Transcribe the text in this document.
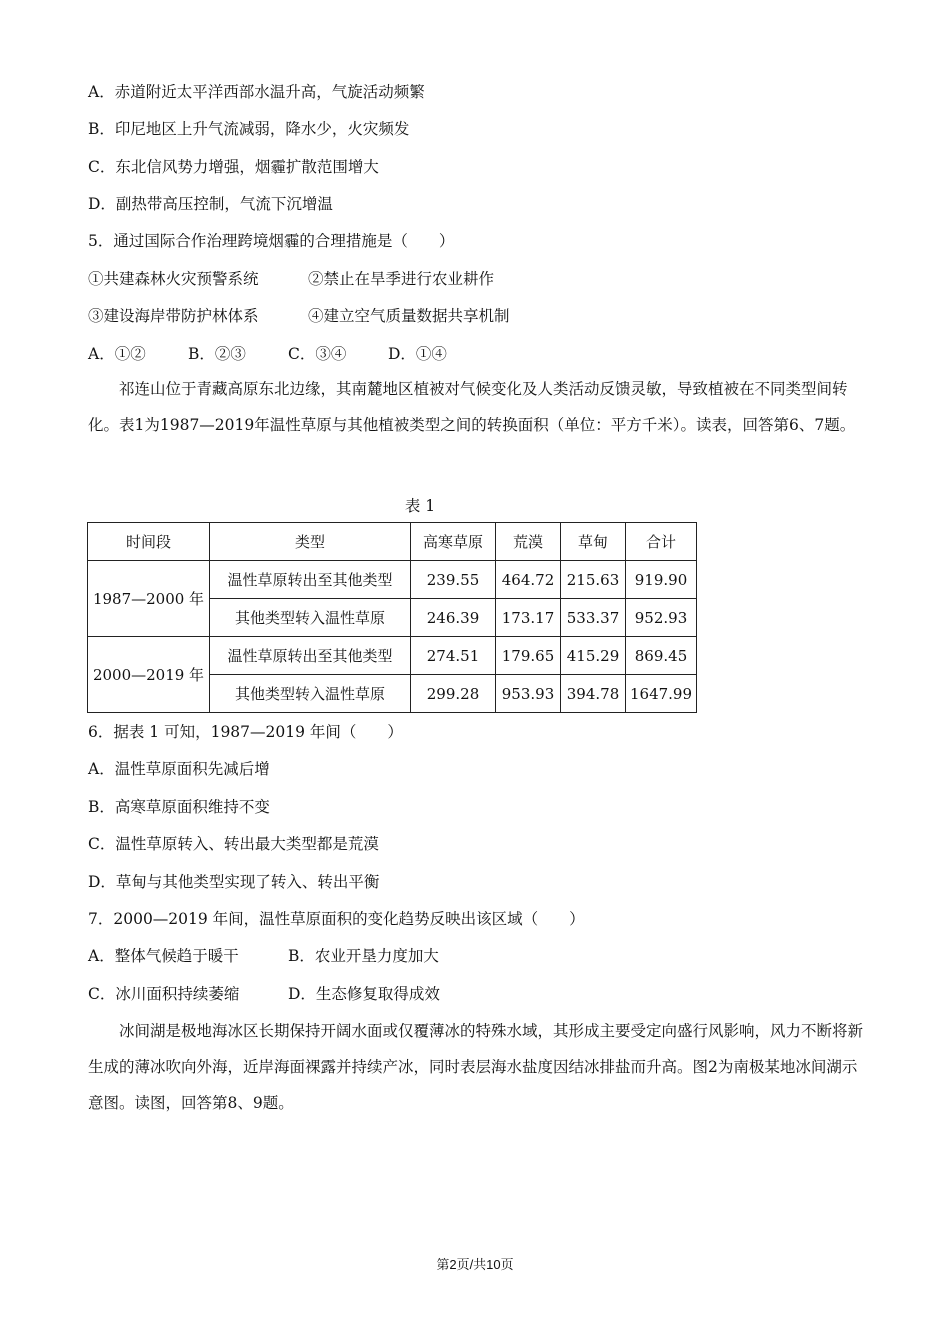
A．赤道附近太平洋西部水温升高，气旋活动频繁
B．印尼地区上升气流减弱，降水少，火灾频发
C．东北信风势力增强，烟霾扩散范围增大
D．副热带高压控制，气流下沉增温
5．通过国际合作治理跨境烟霾的合理措施是（　　）
①共建森林火灾预警系统	②禁止在旱季进行农业耕作
③建设海岸带防护林体系	④建立空气质量数据共享机制
A．①②	B．②③	C．③④	D．①④
祁连山位于青藏高原东北边缘，其南麓地区植被对气候变化及人类活动反馈灵敏，导致植被在不同类型间转化。表1为1987—2019年温性草原与其他植被类型之间的转换面积（单位：平方千米）。读表，回答第6、7题。
表 1
时间段	类型	高寒草原	荒漠	草甸	合计
1987—2000 年	温性草原转出至其他类型	239.55	464.72	215.63	919.90
	其他类型转入温性草原	246.39	173.17	533.37	952.93
2000—2019 年	温性草原转出至其他类型	274.51	179.65	415.29	869.45
	其他类型转入温性草原	299.28	953.93	394.78	1647.99
6．据表 1 可知，1987—2019 年间（　　）
A．温性草原面积先减后增
B．高寒草原面积维持不变
C．温性草原转入、转出最大类型都是荒漠
D．草甸与其他类型实现了转入、转出平衡
7．2000—2019 年间，温性草原面积的变化趋势反映出该区域（　　）
A．整体气候趋于暖干	B．农业开垦力度加大
C．冰川面积持续萎缩	D．生态修复取得成效
冰间湖是极地海冰区长期保持开阔水面或仅覆薄冰的特殊水域，其形成主要受定向盛行风影响，风力不断将新生成的薄冰吹向外海，近岸海面裸露并持续产冰，同时表层海水盐度因结冰排盐而升高。图2为南极某地冰间湖示意图。读图，回答第8、9题。
第2页/共10页
